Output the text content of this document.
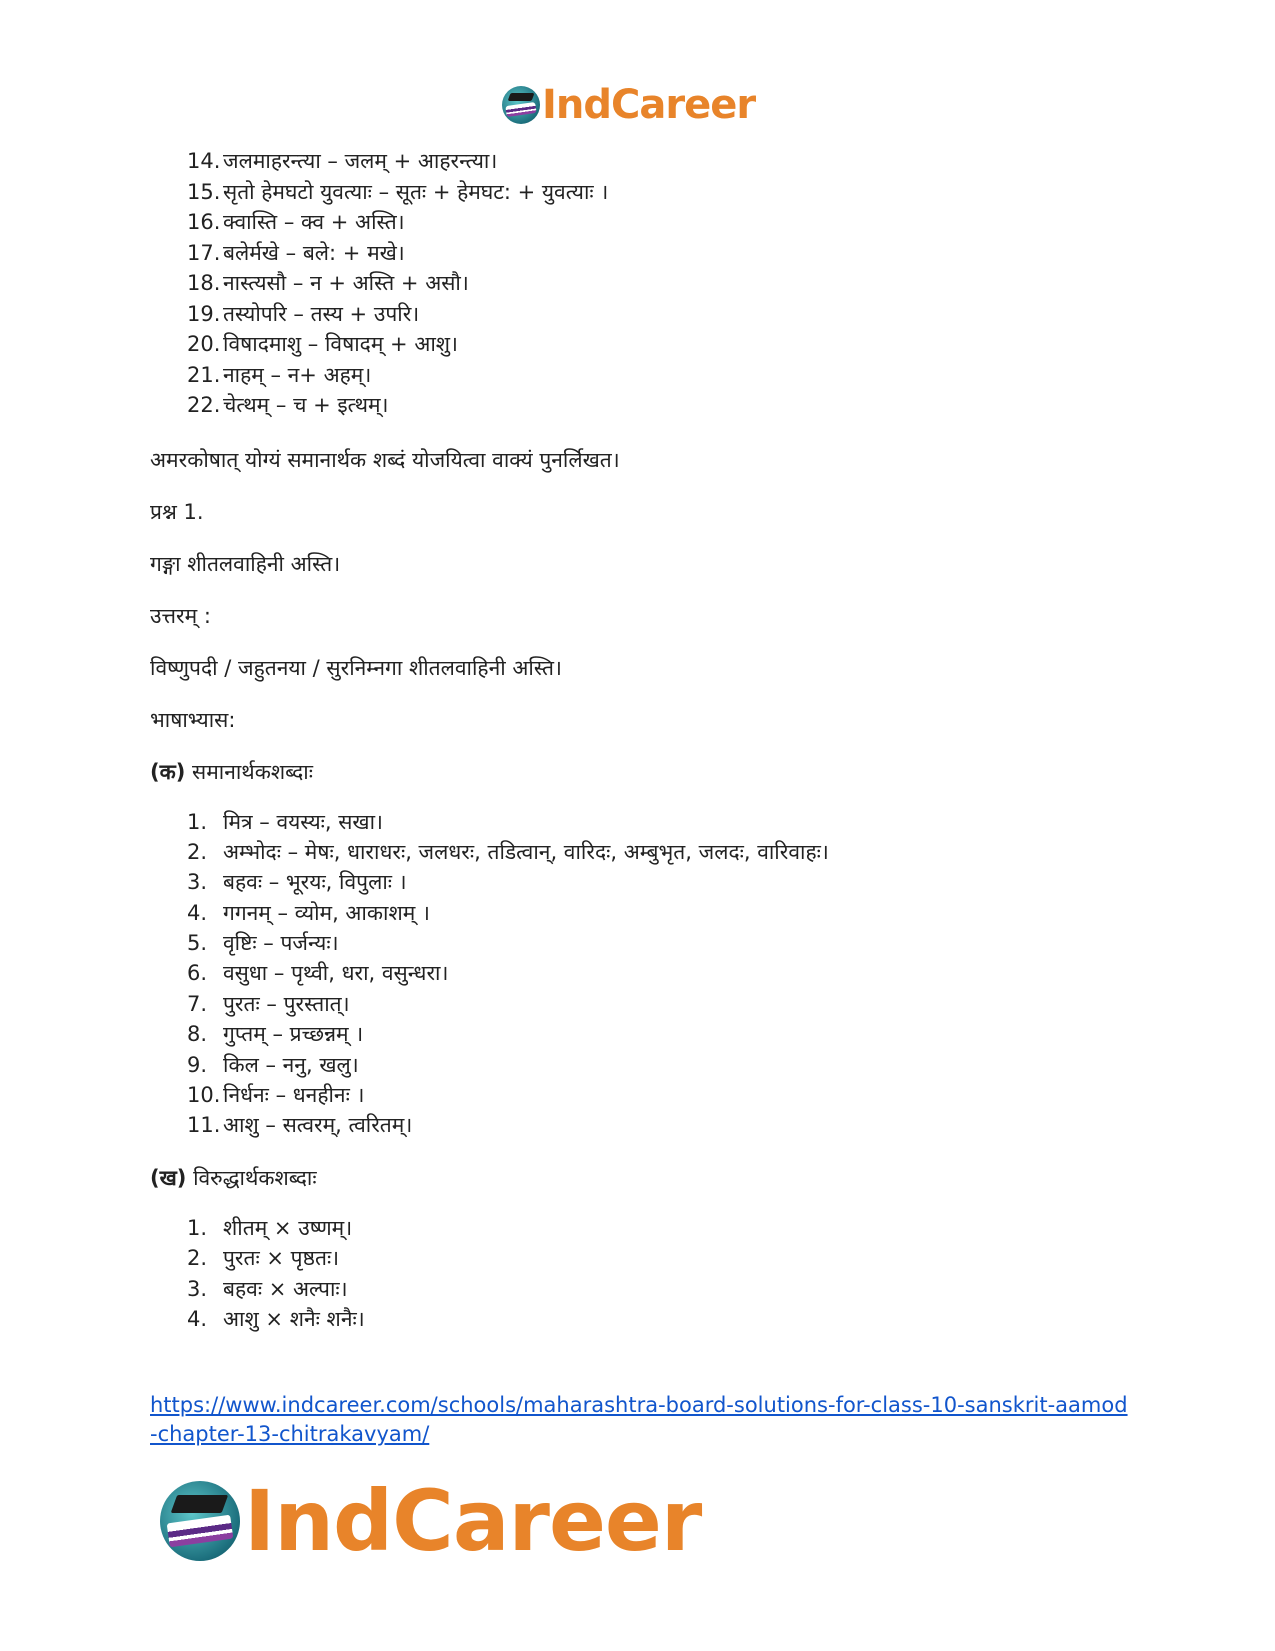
IndCareer
14. जलमाहरन्त्या – जलम् + आहरन्त्या।
15. सृतो हेमघटो युवत्याः – सूतः + हेमघट: + युवत्याः ।
16. क्वास्ति – क्व + अस्ति।
17. बलेर्मखे – बले: + मखे।
18. नास्त्यसौ – न + अस्ति + असौ।
19. तस्योपरि – तस्य + उपरि।
20. विषादमाशु – विषादम् + आशु।
21. नाहम् – न+ अहम्।
22. चेत्थम् – च + इत्थम्।

अमरकोषात् योग्यं समानार्थक शब्दं योजयित्वा वाक्यं पुनर्लिखत।

प्रश्न 1.

गङ्गा शीतलवाहिनी अस्ति।

उत्तरम् :

विष्णुपदी / जहुतनया / सुरनिम्नगा शीतलवाहिनी अस्ति।

भाषाभ्यास:

(क) समानार्थकशब्दाः

1. मित्र – वयस्यः, सखा।
2. अम्भोदः – मेषः, धाराधरः, जलधरः, तडित्वान्, वारिदः, अम्बुभृत, जलदः, वारिवाहः।
3. बहवः – भूरयः, विपुलाः ।
4. गगनम् – व्योम, आकाशम् ।
5. वृष्टिः – पर्जन्यः।
6. वसुधा – पृथ्वी, धरा, वसुन्धरा।
7. पुरतः – पुरस्तात्।
8. गुप्तम् – प्रच्छन्नम् ।
9. किल – ननु, खलु।
10. निर्धनः – धनहीनः ।
11. आशु – सत्वरम्, त्वरितम्।

(ख) विरुद्धार्थकशब्दाः

1. शीतम् × उष्णम्।
2. पुरतः × पृष्ठतः।
3. बहवः × अल्पाः।
4. आशु × शनैः शनैः।
https://www.indcareer.com/schools/maharashtra-board-solutions-for-class-10-sanskrit-aamod-chapter-13-chitrakavyam/
IndCareer
